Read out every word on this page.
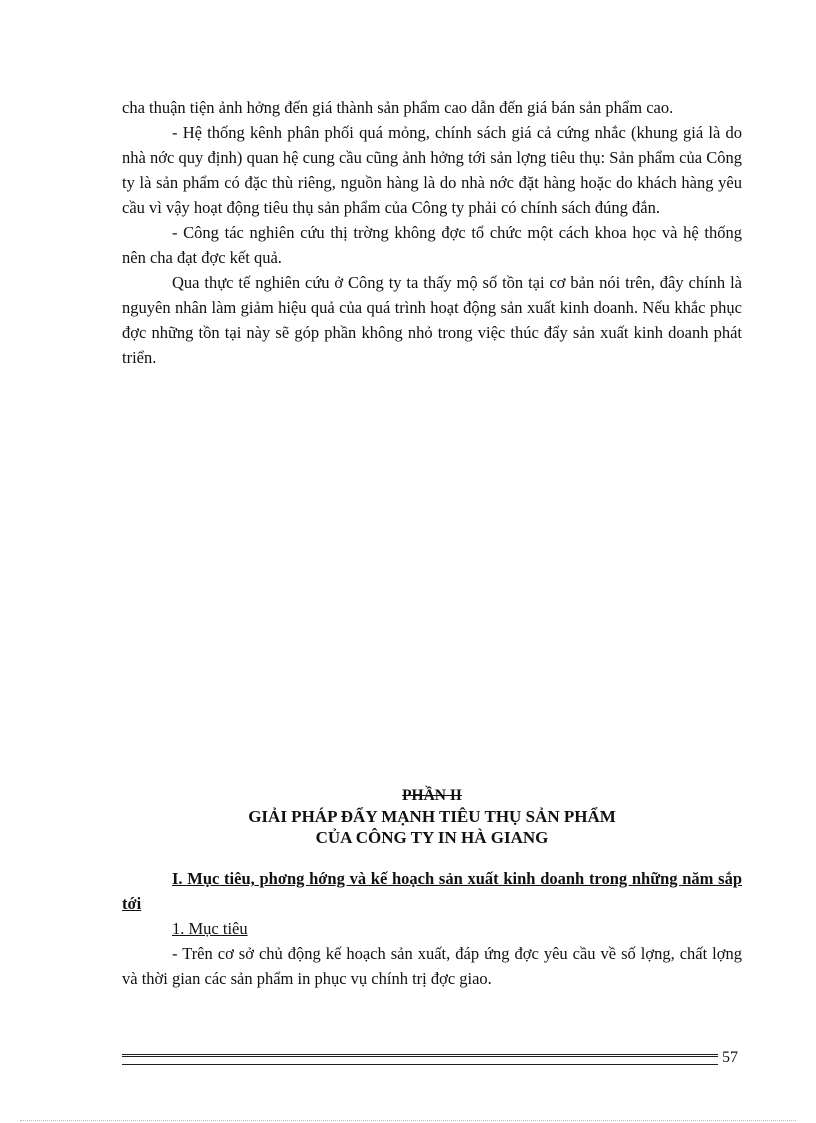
cha thuận tiện ảnh hởng đến giá thành sản phẩm cao dẫn đến giá bán sản phẩm cao.

- Hệ thống kênh phân phối quá mỏng, chính sách giá cả cứng nhắc (khung giá là do nhà nớc quy định) quan hệ cung cầu cũng ảnh hởng tới sản lợng tiêu thụ: Sản phẩm của Công ty là sản phẩm có đặc thù riêng, nguồn hàng là do nhà nớc đặt hàng hoặc do khách hàng yêu cầu vì vậy hoạt động tiêu thụ sản phẩm của Công ty phải có chính sách đúng đắn.

- Công tác nghiên cứu thị trờng không đợc tổ chức một cách khoa học và hệ thống nên cha đạt đợc kết quả.

Qua thực tế nghiên cứu ở Công ty ta thấy mộ số tồn tại cơ bản nói trên, đây chính là nguyên nhân làm giảm hiệu quả của quá trình hoạt động sản xuất kinh doanh. Nếu khắc phục đợc những tồn tại này sẽ góp phần không nhỏ trong việc thúc đẩy sản xuất kinh doanh phát triển.

PHẦN II
GIẢI PHÁP ĐẨY MẠNH TIÊU THỤ SẢN PHẨM
CỦA CÔNG TY IN HÀ GIANG

I. Mục tiêu, phơng hớng và kế hoạch sản xuất kinh doanh trong những năm sắp tới

1. Mục tiêu

- Trên cơ sở chủ động kế hoạch sản xuất, đáp ứng đợc yêu cầu về số lợng, chất lợng và thời gian các sản phẩm in phục vụ chính trị đợc giao.

57
